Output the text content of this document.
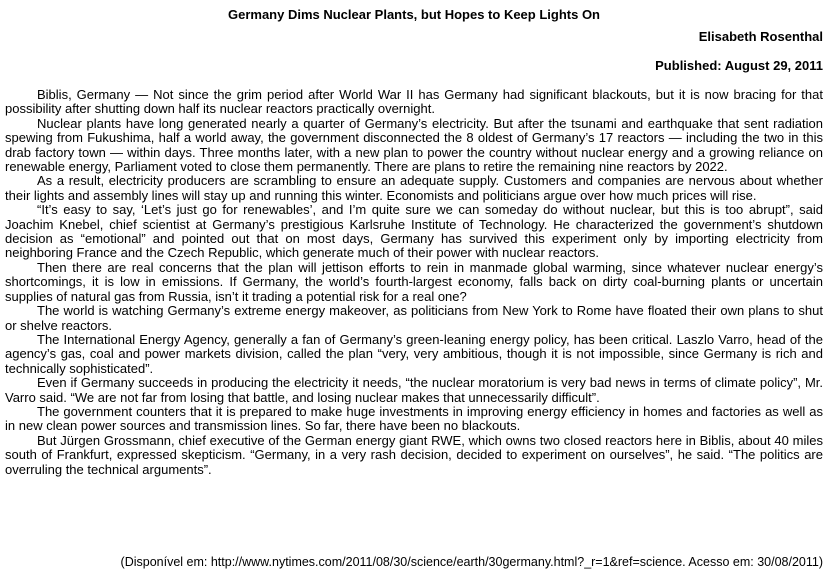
Germany Dims Nuclear Plants, but Hopes to Keep Lights On
Elisabeth Rosenthal
Published: August 29, 2011

Biblis, Germany — Not since the grim period after World War II has Germany had significant blackouts, but it is now bracing for that possibility after shutting down half its nuclear reactors practically overnight.

Nuclear plants have long generated nearly a quarter of Germany’s electricity. But after the tsunami and earthquake that sent radiation spewing from Fukushima, half a world away, the government disconnected the 8 oldest of Germany’s 17 reactors — including the two in this drab factory town — within days. Three months later, with a new plan to power the country without nuclear energy and a growing reliance on renewable energy, Parliament voted to close them permanently. There are plans to retire the remaining nine reactors by 2022.

As a result, electricity producers are scrambling to ensure an adequate supply. Customers and companies are nervous about whether their lights and assembly lines will stay up and running this winter. Economists and politicians argue over how much prices will rise.

“It’s easy to say, ‘Let’s just go for renewables’, and I’m quite sure we can someday do without nuclear, but this is too abrupt”, said Joachim Knebel, chief scientist at Germany’s prestigious Karlsruhe Institute of Technology. He characterized the government’s shutdown decision as “emotional” and pointed out that on most days, Germany has survived this experiment only by importing electricity from neighboring France and the Czech Republic, which generate much of their power with nuclear reactors.

Then there are real concerns that the plan will jettison efforts to rein in manmade global warming, since whatever nuclear energy’s shortcomings, it is low in emissions. If Germany, the world’s fourth-largest economy, falls back on dirty coal-burning plants or uncertain supplies of natural gas from Russia, isn’t it trading a potential risk for a real one?

The world is watching Germany’s extreme energy makeover, as politicians from New York to Rome have floated their own plans to shut or shelve reactors.

The International Energy Agency, generally a fan of Germany’s green-leaning energy policy, has been critical. Laszlo Varro, head of the agency’s gas, coal and power markets division, called the plan “very, very ambitious, though it is not impossible, since Germany is rich and technically sophisticated”.

Even if Germany succeeds in producing the electricity it needs, “the nuclear moratorium is very bad news in terms of climate policy”, Mr. Varro said. “We are not far from losing that battle, and losing nuclear makes that unnecessarily difficult”.

The government counters that it is prepared to make huge investments in improving energy efficiency in homes and factories as well as in new clean power sources and transmission lines. So far, there have been no blackouts.

But Jürgen Grossmann, chief executive of the German energy giant RWE, which owns two closed reactors here in Biblis, about 40 miles south of Frankfurt, expressed skepticism. “Germany, in a very rash decision, decided to experiment on ourselves”, he said. “The politics are overruling the technical arguments”.

(Disponível em: http://www.nytimes.com/2011/08/30/science/earth/30germany.html?_r=1&ref=science. Acesso em: 30/08/2011)
